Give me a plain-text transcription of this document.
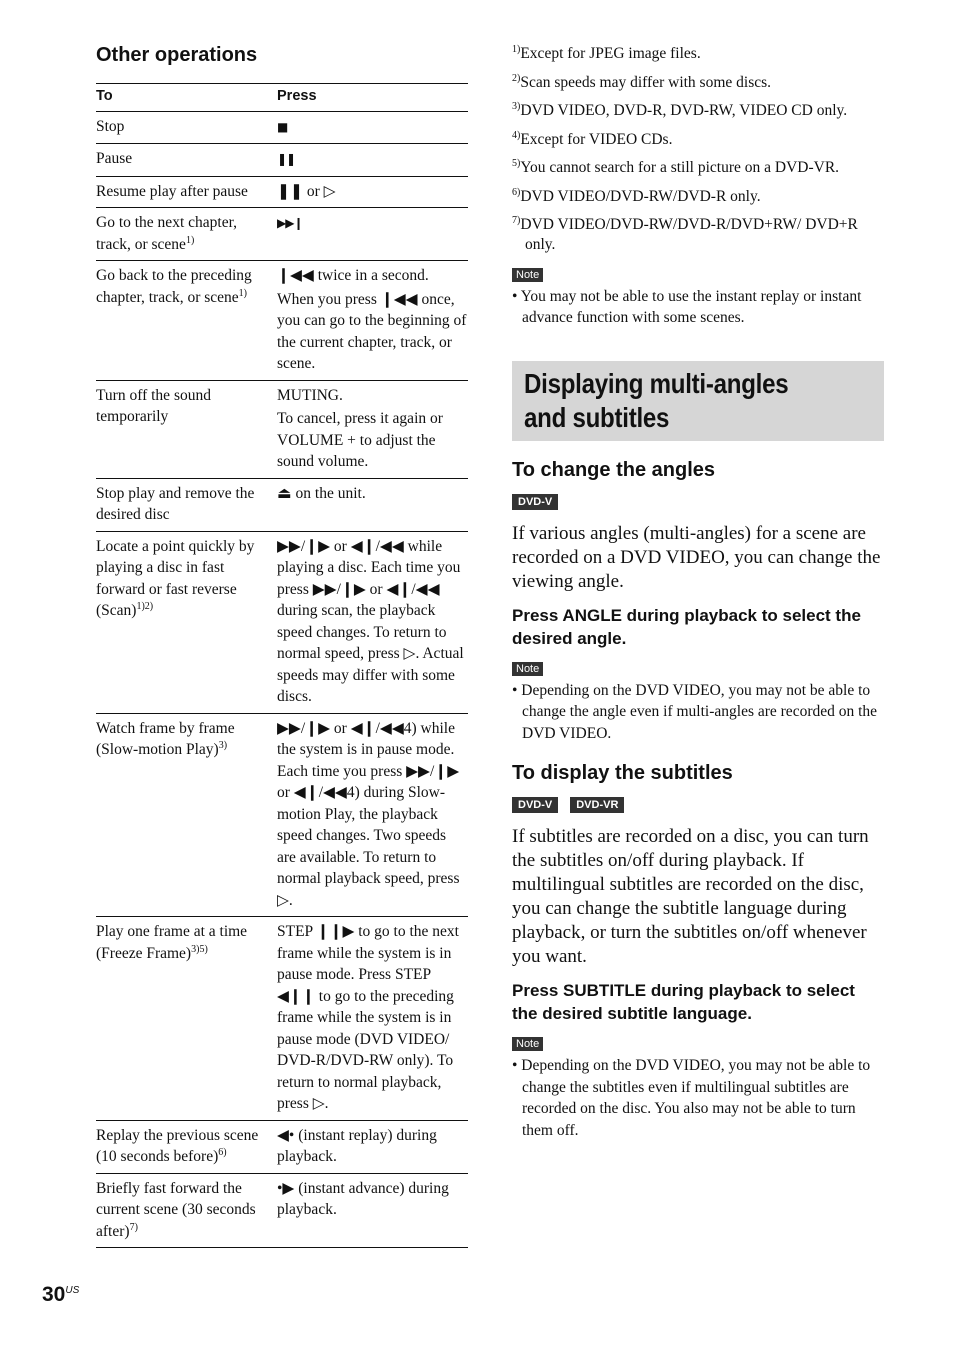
Other operations
To	Press
Stop	■
Pause	❚❚
Resume play after pause	❚❚ or ▷
Go to the next chapter, track, or scene$^{1)}$	▶▶❙
Go back to the preceding chapter, track, or scene$^{1)}$	❙◀◀ twice in a second.
When you press ❙◀◀ once, you can go to the beginning of the current chapter, track, or scene.

Turn off the sound temporarily	MUTING.
To cancel, press it again or VOLUME + to adjust the sound volume.

Stop play and remove the desired disc	⏏ on the unit.
Locate a point quickly by playing a disc in fast forward or fast reverse (Scan)$^{1)2)}$	▶▶/❙▶ or ◀❙/◀◀ while playing a disc. Each time you press ▶▶/❙▶ or ◀❙/◀◀ during scan, the playback speed changes. To return to normal speed, press ▷. Actual speeds may differ with some discs.
Watch frame by frame (Slow-motion Play)$^{3)}$	▶▶/❙▶ or ◀❙/◀◀4) while the system is in pause mode. Each time you press ▶▶/❙▶ or ◀❙/◀◀4) during Slow-motion Play, the playback speed changes. Two speeds are available. To return to normal playback speed, press ▷.
Play one frame at a time (Freeze Frame)$^{3)5)}$	STEP ❙❙▶ to go to the next frame while the system is in pause mode. Press STEP ◀❙❙ to go to the preceding frame while the system is in pause mode (DVD VIDEO/ DVD-R/DVD-RW only). To return to normal playback, press ▷.
Replay the previous scene (10 seconds before)$^{6)}$	◀• (instant replay) during playback.
Briefly fast forward the current scene (30 seconds after)$^{7)}$	•▶ (instant advance) during playback.

$^{1)}$Except for JPEG image files.

$^{2)}$Scan speeds may differ with some discs.

$^{3)}$DVD VIDEO, DVD-R, DVD-RW, VIDEO CD only.

$^{4)}$Except for VIDEO CDs.

$^{5)}$You cannot search for a still picture on a DVD-VR.

$^{6)}$DVD VIDEO/DVD-RW/DVD-R only.

$^{7)}$DVD VIDEO/DVD-RW/DVD-R/DVD+RW/ DVD+R only.

Note

• You may not be able to use the instant replay or instant advance function with some scenes.

Displaying multi-angles and subtitles
To change the angles
DVD-V

If various angles (multi-angles) for a scene are recorded on a DVD VIDEO, you can change the viewing angle.

Press ANGLE during playback to select the desired angle.

Note

• Depending on the DVD VIDEO, you may not be able to change the angle even if multi-angles are recorded on the DVD VIDEO.

To display the subtitles
DVD-V DVD-VR

If subtitles are recorded on a disc, you can turn the subtitles on/off during playback. If multilingual subtitles are recorded on the disc, you can change the subtitle language during playback, or turn the subtitles on/off whenever you want.

Press SUBTITLE during playback to select the desired subtitle language.

Note

• Depending on the DVD VIDEO, you may not be able to change the subtitles even if multilingual subtitles are recorded on the disc. You also may not be able to turn them off.

$30^{US}$
